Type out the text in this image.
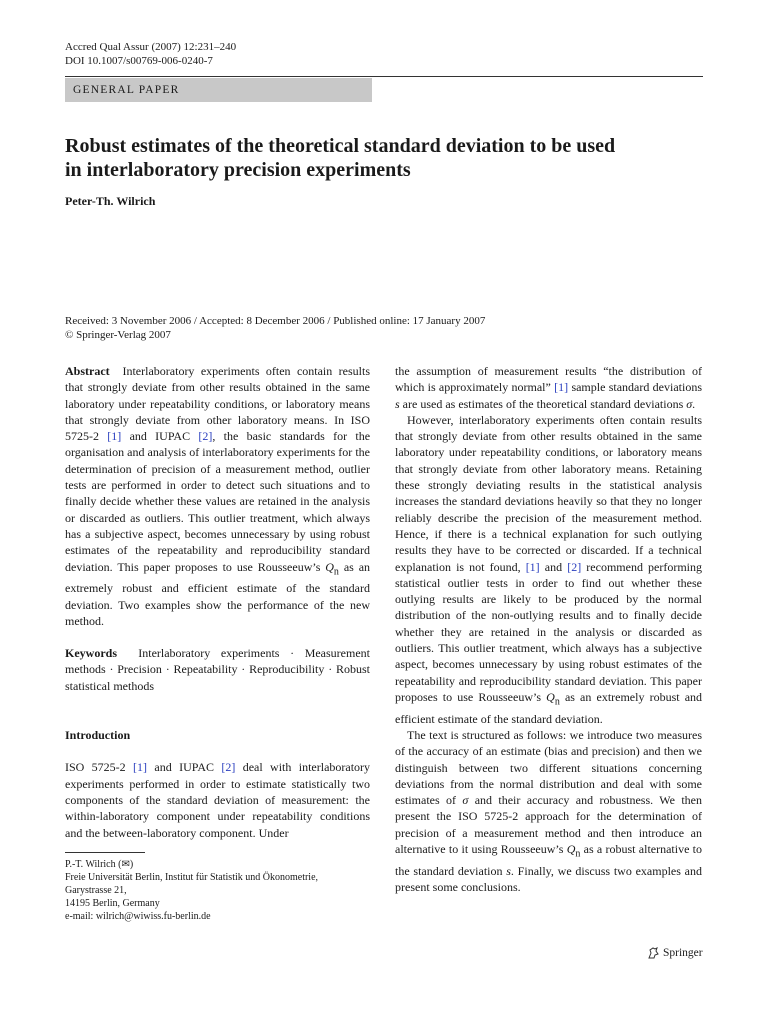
Accred Qual Assur (2007) 12:231–240
DOI 10.1007/s00769-006-0240-7
GENERAL PAPER
Robust estimates of the theoretical standard deviation to be used
in interlaboratory precision experiments
Peter-Th. Wilrich
Received: 3 November 2006 / Accepted: 8 December 2006 / Published online: 17 January 2007
© Springer-Verlag 2007

Abstract Interlaboratory experiments often contain results that strongly deviate from other results obtained in the same laboratory under repeatability conditions, or laboratory means that strongly deviate from other laboratory means. In ISO 5725-2 [1] and IUPAC [2], the basic standards for the organisation and analysis of interlaboratory experiments for the determination of precision of a measurement method, outlier tests are performed in order to detect such situations and to finally decide whether these values are retained in the analysis or discarded as outliers. This outlier treatment, which always has a subjective aspect, becomes unnecessary by using robust estimates of the repeatability and reproducibility standard deviation. This paper proposes to use Rousseeuw’s $Q_n$ as an extremely robust and efficient estimate of the standard deviation. Two examples show the performance of the new method.

Keywords Interlaboratory experiments · Measurement methods · Precision · Repeatability · Reproducibility · Robust statistical methods

Introduction

ISO 5725-2 [1] and IUPAC [2] deal with interlaboratory experiments performed in order to estimate statistically two components of the standard deviation of measurement: the within-laboratory component under repeatability conditions and the between-laboratory component. Under

P.-T. Wilrich (✉)
Freie Universität Berlin, Institut für Statistik und Ökonometrie,
Garystrasse 21,
14195 Berlin, Germany
e-mail: wilrich@wiwiss.fu-berlin.de

the assumption of measurement results “the distribution of which is approximately normal” [1] sample standard deviations s are used as estimates of the theoretical standard deviations σ.

However, interlaboratory experiments often contain results that strongly deviate from other results obtained in the same laboratory under repeatability conditions, or laboratory means that strongly deviate from other laboratory means. Retaining these strongly deviating results in the statistical analysis increases the standard deviations heavily so that they no longer reliably describe the precision of the measurement method. Hence, if there is a technical explanation for such outlying results they have to be corrected or discarded. If a technical explanation is not found, [1] and [2] recommend performing statistical outlier tests in order to find out whether these outlying results are likely to be produced by the normal distribution of the non-outlying results and to finally decide whether they are retained in the analysis or discarded as outliers. This outlier treatment, which always has a subjective aspect, becomes unnecessary by using robust estimates of the repeatability and reproducibility standard deviation. This paper proposes to use Rousseeuw’s $Q_n$ as an extremely robust and efficient estimate of the standard deviation.

The text is structured as follows: we introduce two measures of the accuracy of an estimate (bias and precision) and then we distinguish between two different situations concerning deviations from the normal distribution and deal with some estimates of σ and their accuracy and robustness. We then present the ISO 5725-2 approach for the determination of precision of a measurement method and then introduce an alternative to it using Rousseeuw’s $Q_n$ as a robust alternative to the standard deviation s. Finally, we discuss two examples and present some conclusions.

Springer
